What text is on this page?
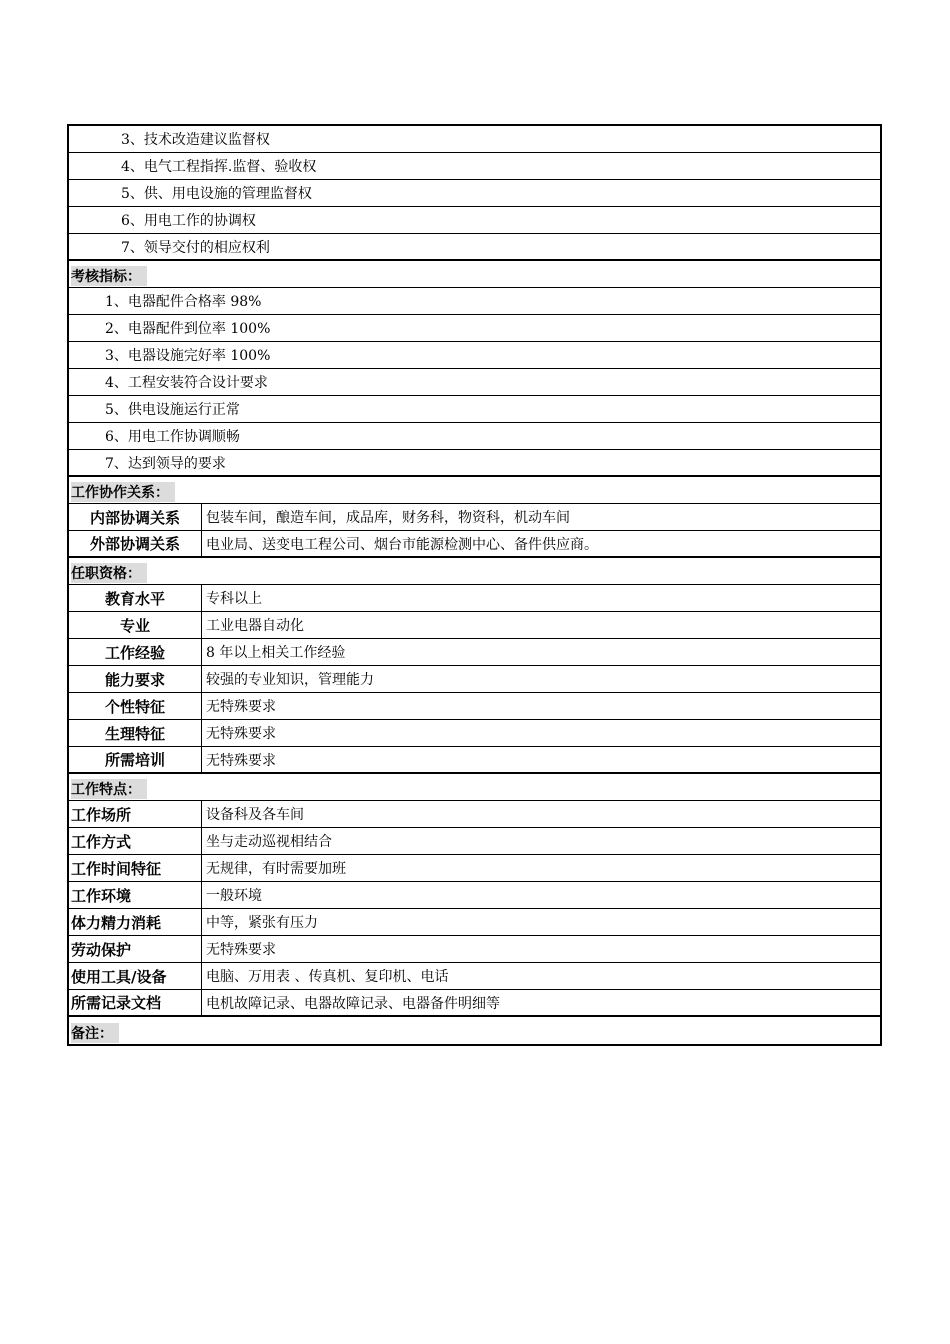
3、技术改造建议监督权
4、电气工程指挥.监督、验收权
5、供、用电设施的管理监督权
6、用电工作的协调权
7、领导交付的相应权利
考核指标：
1、电器配件合格率 98%
2、电器配件到位率 100%
3、电器设施完好率 100%
4、工程安装符合设计要求
5、供电设施运行正常
6、用电工作协调顺畅
7、达到领导的要求
工作协作关系：
内部协调关系	包装车间，酿造车间，成品库，财务科，物资科，机动车间
外部协调关系	电业局、送变电工程公司、烟台市能源检测中心、备件供应商。
任职资格：
教育水平	专科以上
专业	工业电器自动化
工作经验	8 年以上相关工作经验
能力要求	较强的专业知识，管理能力
个性特征	无特殊要求
生理特征	无特殊要求
所需培训	无特殊要求
工作特点：
工作场所	设备科及各车间
工作方式	坐与走动巡视相结合
工作时间特征	无规律，有时需要加班
工作环境	一般环境
体力精力消耗	中等，紧张有压力
劳动保护	无特殊要求
使用工具/设备	电脑、万用表 、传真机、复印机、电话
所需记录文档	电机故障记录、电器故障记录、电器备件明细等
备注：
